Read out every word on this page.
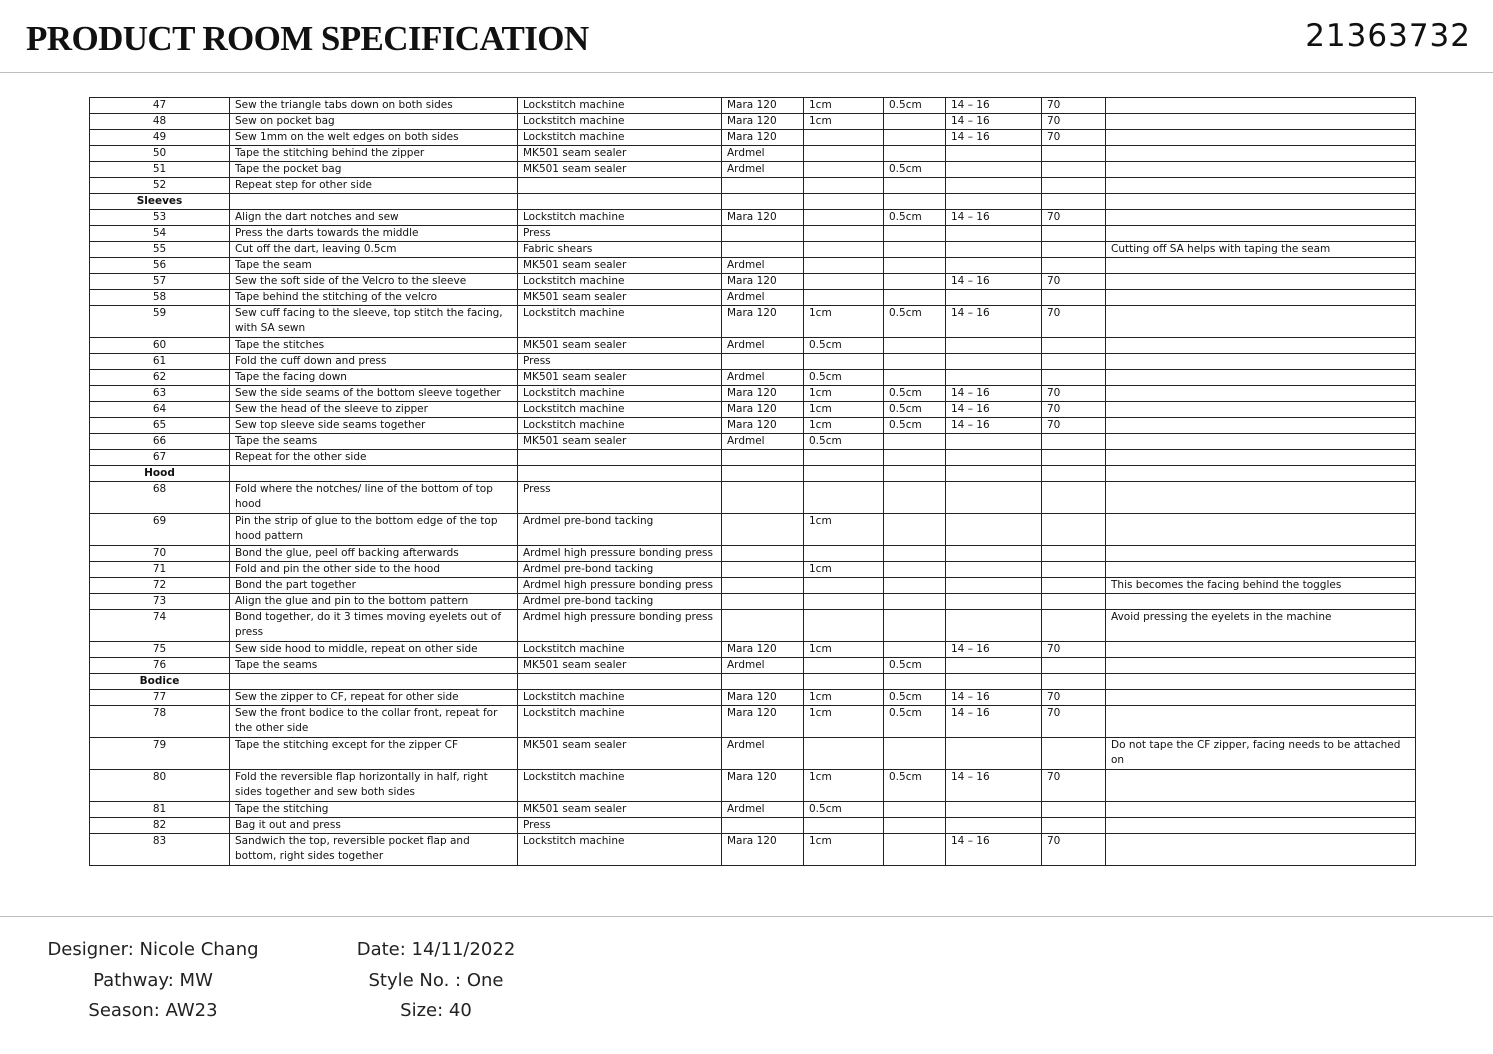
PRODUCT ROOM SPECIFICATION	21363732
47	Sew the triangle tabs down on both sides	Lockstitch machine	Mara 120	1cm	0.5cm	14 – 16	70	
48	Sew on pocket bag	Lockstitch machine	Mara 120	1cm		14 – 16	70	
49	Sew 1mm on the welt edges on both sides	Lockstitch machine	Mara 120			14 – 16	70	
50	Tape the stitching behind the zipper	MK501 seam sealer	Ardmel					
51	Tape the pocket bag	MK501 seam sealer	Ardmel		0.5cm			
52	Repeat step for other side							
Sleeves								
53	Align the dart notches and sew	Lockstitch machine	Mara 120		0.5cm	14 – 16	70	
54	Press the darts towards the middle	Press						
55	Cut off the dart, leaving 0.5cm	Fabric shears						Cutting off SA helps with taping the seam
56	Tape the seam	MK501 seam sealer	Ardmel					
57	Sew the soft side of the Velcro to the sleeve	Lockstitch machine	Mara 120			14 – 16	70	
58	Tape behind the stitching of the velcro	MK501 seam sealer	Ardmel					
59	Sew cuff facing to the sleeve, top stitch the facing, with SA sewn	Lockstitch machine	Mara 120	1cm	0.5cm	14 – 16	70	
60	Tape the stitches	MK501 seam sealer	Ardmel	0.5cm				
61	Fold the cuff down and press	Press						
62	Tape the facing down	MK501 seam sealer	Ardmel	0.5cm				
63	Sew the side seams of the bottom sleeve together	Lockstitch machine	Mara 120	1cm	0.5cm	14 – 16	70	
64	Sew the head of the sleeve to zipper	Lockstitch machine	Mara 120	1cm	0.5cm	14 – 16	70	
65	Sew top sleeve side seams together	Lockstitch machine	Mara 120	1cm	0.5cm	14 – 16	70	
66	Tape the seams	MK501 seam sealer	Ardmel	0.5cm				
67	Repeat for the other side							
Hood								
68	Fold where the notches/ line of the bottom of top hood	Press						
69	Pin the strip of glue to the bottom edge of the top hood pattern	Ardmel pre-bond tacking		1cm				
70	Bond the glue, peel off backing afterwards	Ardmel high pressure bonding press						
71	Fold and pin the other side to the hood	Ardmel pre-bond tacking		1cm				
72	Bond the part together	Ardmel high pressure bonding press						This becomes the facing behind the toggles
73	Align the glue and pin to the bottom pattern	Ardmel pre-bond tacking						
74	Bond together, do it 3 times moving eyelets out of press	Ardmel high pressure bonding press						Avoid pressing the eyelets in the machine
75	Sew side hood to middle, repeat on other side	Lockstitch machine	Mara 120	1cm		14 – 16	70	
76	Tape the seams	MK501 seam sealer	Ardmel		0.5cm			
Bodice								
77	Sew the zipper to CF, repeat for other side	Lockstitch machine	Mara 120	1cm	0.5cm	14 – 16	70	
78	Sew the front bodice to the collar front, repeat for the other side	Lockstitch machine	Mara 120	1cm	0.5cm	14 – 16	70	
79	Tape the stitching except for the zipper CF	MK501 seam sealer	Ardmel					Do not tape the CF zipper, facing needs to be attached on
80	Fold the reversible flap horizontally in half, right sides together and sew both sides	Lockstitch machine	Mara 120	1cm	0.5cm	14 – 16	70	
81	Tape the stitching	MK501 seam sealer	Ardmel	0.5cm				
82	Bag it out and press	Press						
83	Sandwich the top, reversible pocket flap and bottom, right sides together	Lockstitch machine	Mara 120	1cm		14 – 16	70	
Designer: Nicole Chang
Pathway: MW
Season: AW23
Date: 14/11/2022
Style No. : One
Size: 40
